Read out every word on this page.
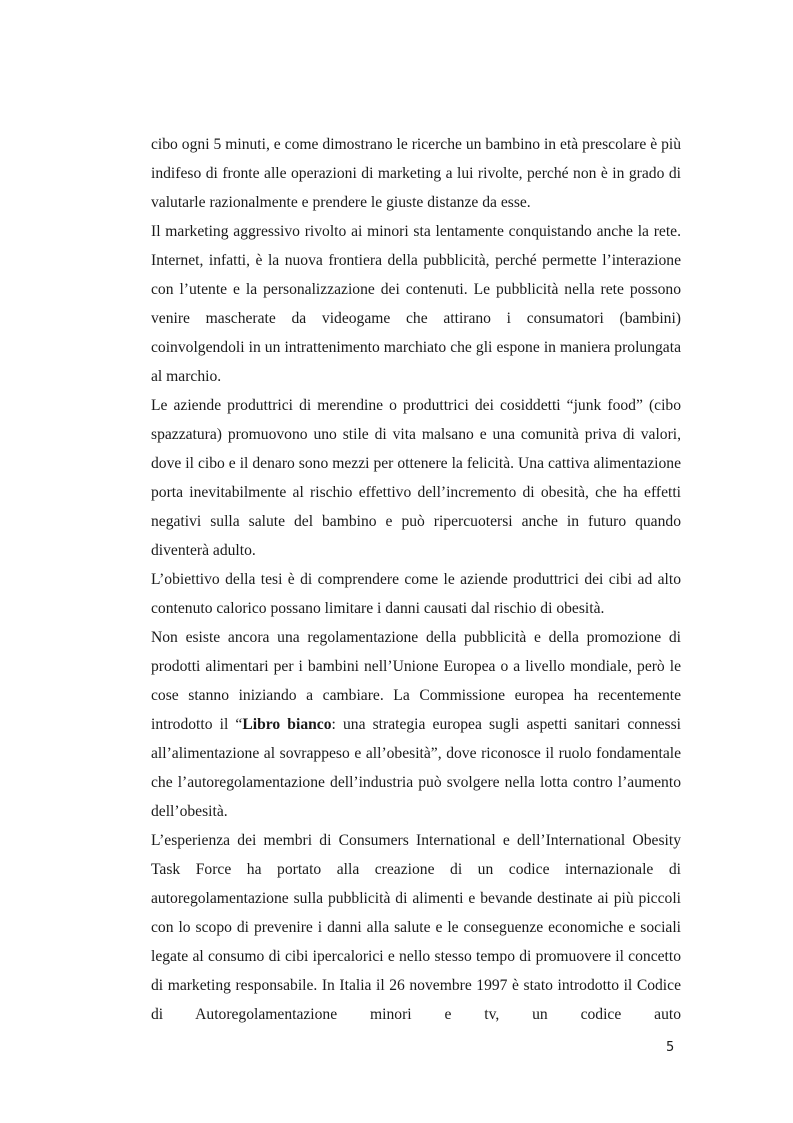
cibo ogni 5 minuti, e come dimostrano le ricerche un bambino in età prescolare è più indifeso di fronte alle operazioni di marketing a lui rivolte, perché non è in grado di valutarle razionalmente e prendere le giuste distanze da esse.

Il marketing aggressivo rivolto ai minori sta lentamente conquistando anche la rete. Internet, infatti, è la nuova frontiera della pubblicità, perché permette l’interazione con l’utente e la personalizzazione dei contenuti. Le pubblicità nella rete possono venire mascherate da videogame che attirano i consumatori (bambini) coinvolgendoli in un intrattenimento marchiato che gli espone in maniera prolungata al marchio.

Le aziende produttrici di merendine o produttrici dei cosiddetti “junk food” (cibo spazzatura) promuovono uno stile di vita malsano e una comunità priva di valori, dove il cibo e il denaro sono mezzi per ottenere la felicità. Una cattiva alimentazione porta inevitabilmente al rischio effettivo dell’incremento di obesità, che ha effetti negativi sulla salute del bambino e può ripercuotersi anche in futuro quando diventerà adulto.

L’obiettivo della tesi è di comprendere come le aziende produttrici dei cibi ad alto contenuto calorico possano limitare i danni causati dal rischio di obesità.

Non esiste ancora una regolamentazione della pubblicità e della promozione di prodotti alimentari per i bambini nell’Unione Europea o a livello mondiale, però le cose stanno iniziando a cambiare. La Commissione europea ha recentemente introdotto il “Libro bianco: una strategia europea sugli aspetti sanitari connessi all’alimentazione al sovrappeso e all’obesità”, dove riconosce il ruolo fondamentale che l’autoregolamentazione dell’industria può svolgere nella lotta contro l’aumento dell’obesità.

L’esperienza dei membri di Consumers International e dell’International Obesity Task Force ha portato alla creazione di un codice internazionale di autoregolamentazione sulla pubblicità di alimenti e bevande destinate ai più piccoli con lo scopo di prevenire i danni alla salute e le conseguenze economiche e sociali legate al consumo di cibi ipercalorici e nello stesso tempo di promuovere il concetto di marketing responsabile. In Italia il 26 novembre 1997 è stato introdotto il Codice di Autoregolamentazione minori e tv, un codice auto

5
